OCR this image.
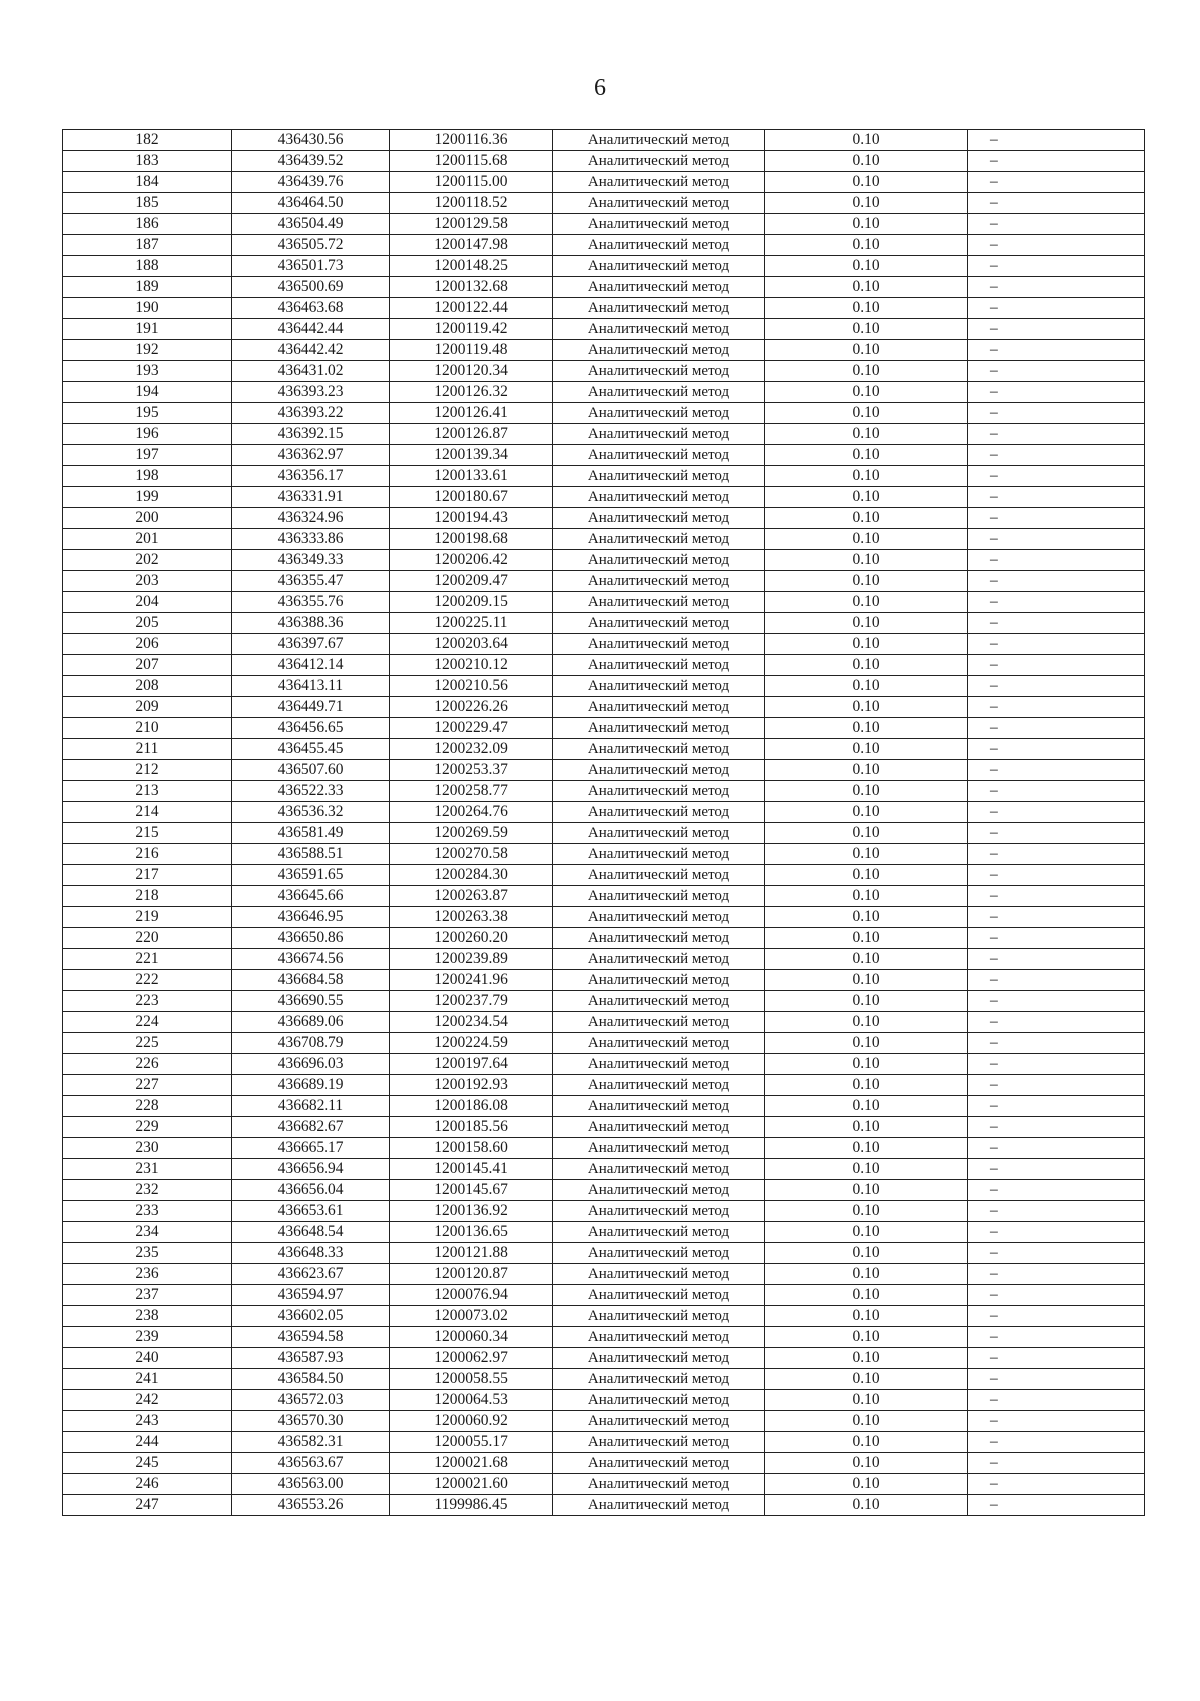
6
182	436430.56	1200116.36	Аналитический метод	0.10	–
183	436439.52	1200115.68	Аналитический метод	0.10	–
184	436439.76	1200115.00	Аналитический метод	0.10	–
185	436464.50	1200118.52	Аналитический метод	0.10	–
186	436504.49	1200129.58	Аналитический метод	0.10	–
187	436505.72	1200147.98	Аналитический метод	0.10	–
188	436501.73	1200148.25	Аналитический метод	0.10	–
189	436500.69	1200132.68	Аналитический метод	0.10	–
190	436463.68	1200122.44	Аналитический метод	0.10	–
191	436442.44	1200119.42	Аналитический метод	0.10	–
192	436442.42	1200119.48	Аналитический метод	0.10	–
193	436431.02	1200120.34	Аналитический метод	0.10	–
194	436393.23	1200126.32	Аналитический метод	0.10	–
195	436393.22	1200126.41	Аналитический метод	0.10	–
196	436392.15	1200126.87	Аналитический метод	0.10	–
197	436362.97	1200139.34	Аналитический метод	0.10	–
198	436356.17	1200133.61	Аналитический метод	0.10	–
199	436331.91	1200180.67	Аналитический метод	0.10	–
200	436324.96	1200194.43	Аналитический метод	0.10	–
201	436333.86	1200198.68	Аналитический метод	0.10	–
202	436349.33	1200206.42	Аналитический метод	0.10	–
203	436355.47	1200209.47	Аналитический метод	0.10	–
204	436355.76	1200209.15	Аналитический метод	0.10	–
205	436388.36	1200225.11	Аналитический метод	0.10	–
206	436397.67	1200203.64	Аналитический метод	0.10	–
207	436412.14	1200210.12	Аналитический метод	0.10	–
208	436413.11	1200210.56	Аналитический метод	0.10	–
209	436449.71	1200226.26	Аналитический метод	0.10	–
210	436456.65	1200229.47	Аналитический метод	0.10	–
211	436455.45	1200232.09	Аналитический метод	0.10	–
212	436507.60	1200253.37	Аналитический метод	0.10	–
213	436522.33	1200258.77	Аналитический метод	0.10	–
214	436536.32	1200264.76	Аналитический метод	0.10	–
215	436581.49	1200269.59	Аналитический метод	0.10	–
216	436588.51	1200270.58	Аналитический метод	0.10	–
217	436591.65	1200284.30	Аналитический метод	0.10	–
218	436645.66	1200263.87	Аналитический метод	0.10	–
219	436646.95	1200263.38	Аналитический метод	0.10	–
220	436650.86	1200260.20	Аналитический метод	0.10	–
221	436674.56	1200239.89	Аналитический метод	0.10	–
222	436684.58	1200241.96	Аналитический метод	0.10	–
223	436690.55	1200237.79	Аналитический метод	0.10	–
224	436689.06	1200234.54	Аналитический метод	0.10	–
225	436708.79	1200224.59	Аналитический метод	0.10	–
226	436696.03	1200197.64	Аналитический метод	0.10	–
227	436689.19	1200192.93	Аналитический метод	0.10	–
228	436682.11	1200186.08	Аналитический метод	0.10	–
229	436682.67	1200185.56	Аналитический метод	0.10	–
230	436665.17	1200158.60	Аналитический метод	0.10	–
231	436656.94	1200145.41	Аналитический метод	0.10	–
232	436656.04	1200145.67	Аналитический метод	0.10	–
233	436653.61	1200136.92	Аналитический метод	0.10	–
234	436648.54	1200136.65	Аналитический метод	0.10	–
235	436648.33	1200121.88	Аналитический метод	0.10	–
236	436623.67	1200120.87	Аналитический метод	0.10	–
237	436594.97	1200076.94	Аналитический метод	0.10	–
238	436602.05	1200073.02	Аналитический метод	0.10	–
239	436594.58	1200060.34	Аналитический метод	0.10	–
240	436587.93	1200062.97	Аналитический метод	0.10	–
241	436584.50	1200058.55	Аналитический метод	0.10	–
242	436572.03	1200064.53	Аналитический метод	0.10	–
243	436570.30	1200060.92	Аналитический метод	0.10	–
244	436582.31	1200055.17	Аналитический метод	0.10	–
245	436563.67	1200021.68	Аналитический метод	0.10	–
246	436563.00	1200021.60	Аналитический метод	0.10	–
247	436553.26	1199986.45	Аналитический метод	0.10	–
